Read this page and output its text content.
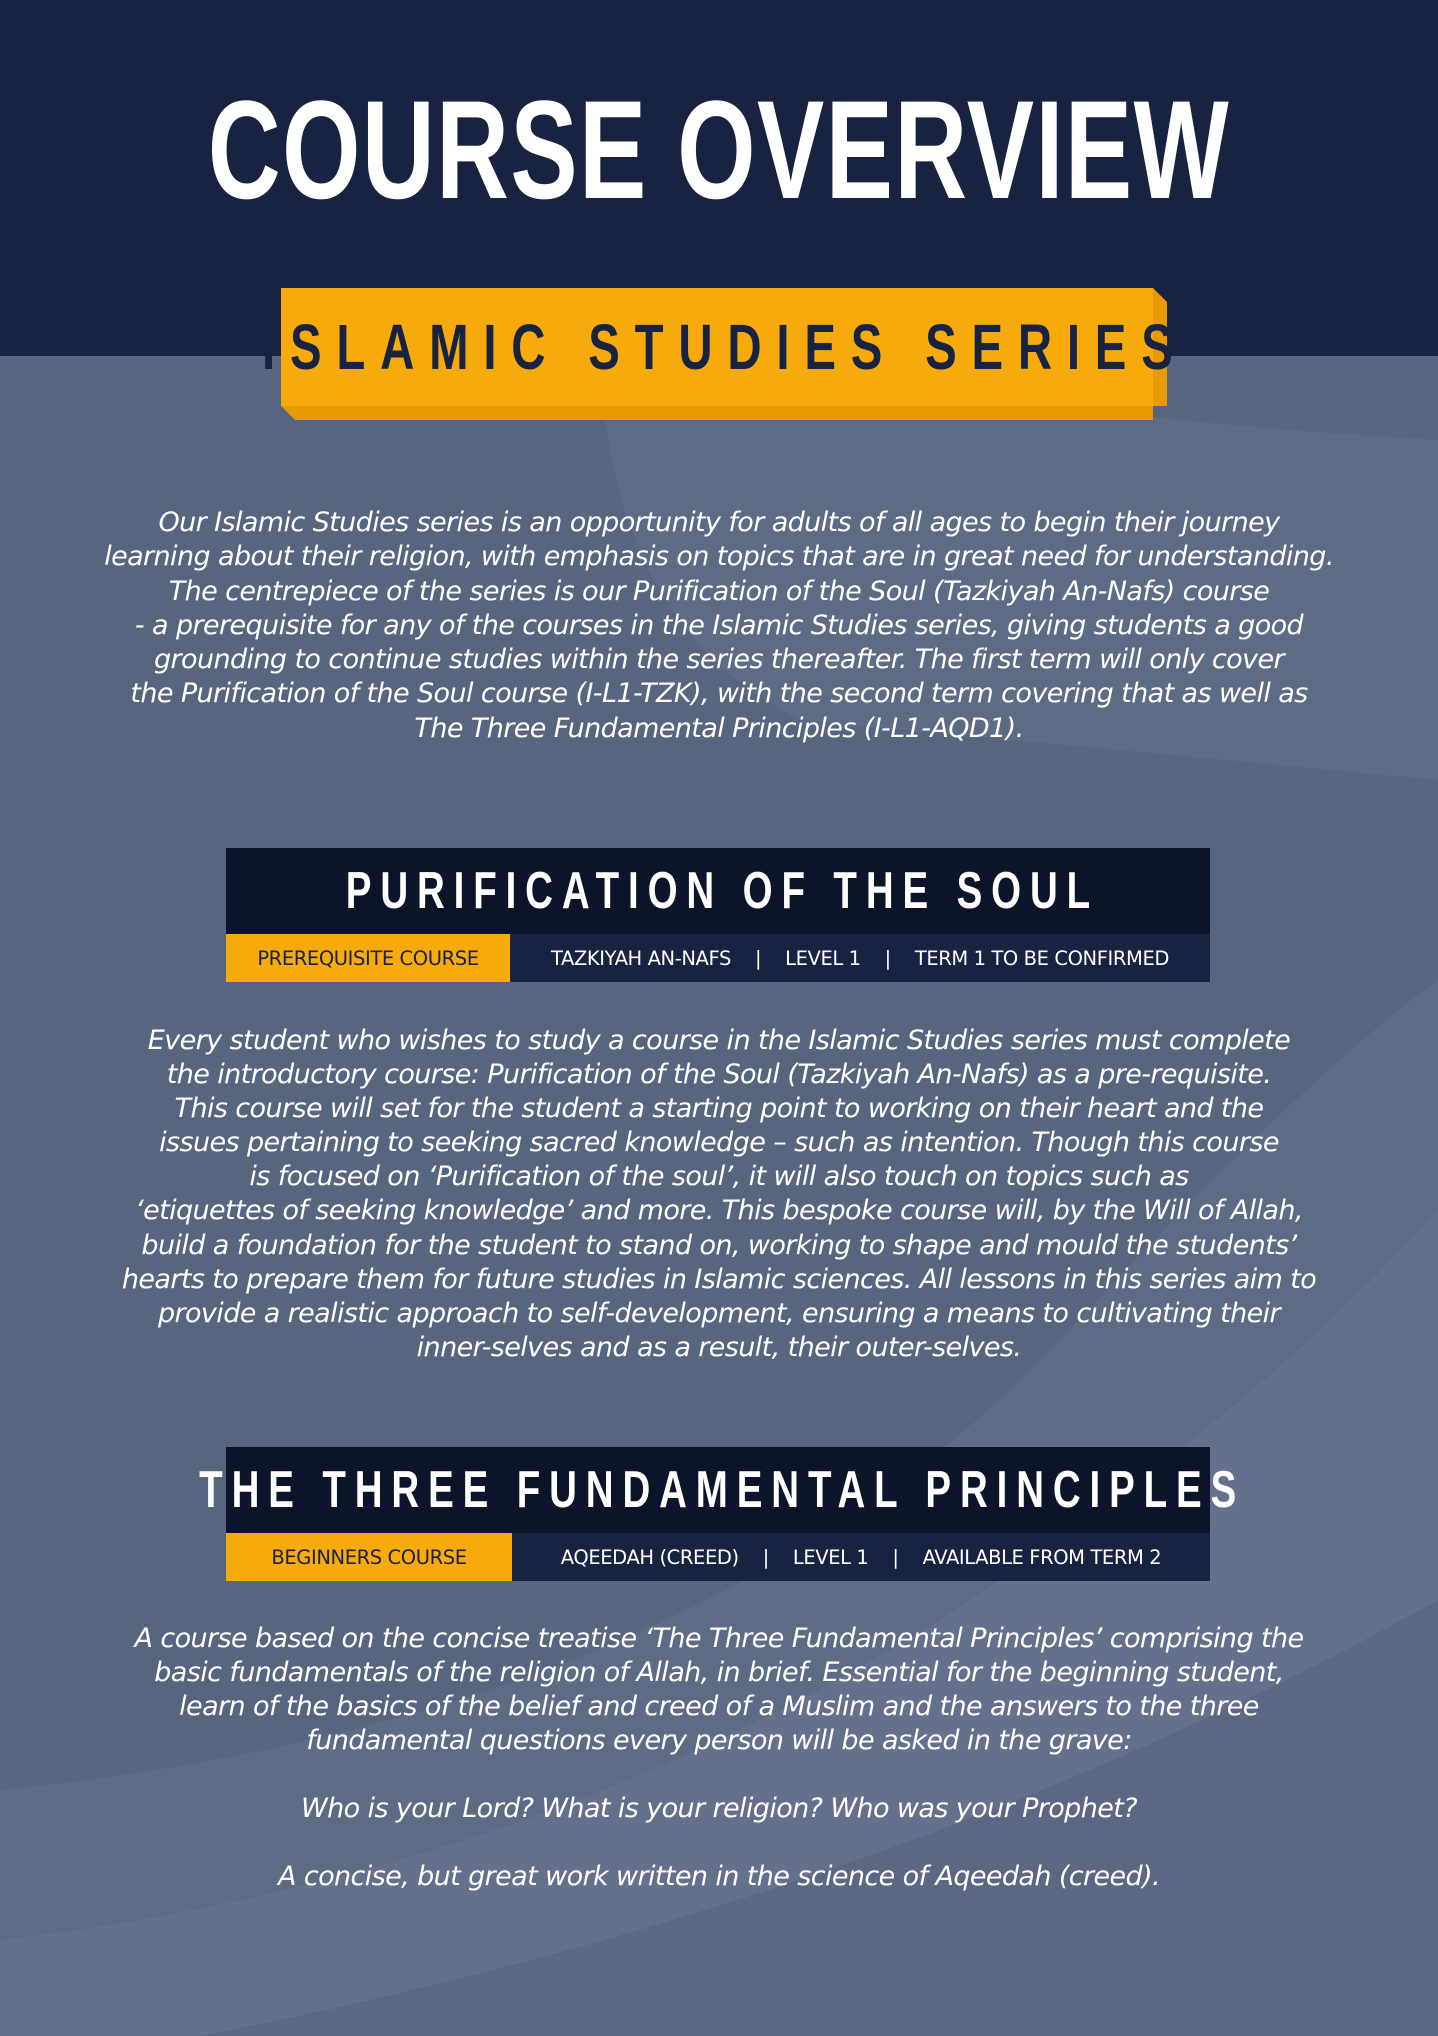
COURSE OVERVIEW
ISLAMIC STUDIES SERIES
Our Islamic Studies series is an opportunity for adults of all ages to begin their journey
learning about their religion, with emphasis on topics that are in great need for understanding.
The centrepiece of the series is our Purification of the Soul (Tazkiyah An-Nafs) course
- a prerequisite for any of the courses in the Islamic Studies series, giving students a good
grounding to continue studies within the series thereafter. The first term will only cover
the Purification of the Soul course (I-L1-TZK), with the second term covering that as well as
The Three Fundamental Principles (I-L1-AQD1).
PURIFICATION OF THE SOUL
PREREQUISITE COURSE	TAZKIYAH AN-NAFS | LEVEL 1 | TERM 1 TO BE CONFIRMED
Every student who wishes to study a course in the Islamic Studies series must complete
the introductory course: Purification of the Soul (Tazkiyah An-Nafs) as a pre-requisite.
This course will set for the student a starting point to working on their heart and the
issues pertaining to seeking sacred knowledge – such as intention. Though this course
is focused on ‘Purification of the soul’, it will also touch on topics such as
‘etiquettes of seeking knowledge’ and more. This bespoke course will, by the Will of Allah,
build a foundation for the student to stand on, working to shape and mould the students’
hearts to prepare them for future studies in Islamic sciences. All lessons in this series aim to
provide a realistic approach to self-development, ensuring a means to cultivating their
inner-selves and as a result, their outer-selves.
THE THREE FUNDAMENTAL PRINCIPLES
BEGINNERS COURSE	AQEEDAH (CREED) | LEVEL 1 | AVAILABLE FROM TERM 2
A course based on the concise treatise ‘The Three Fundamental Principles’ comprising the
basic fundamentals of the religion of Allah, in brief. Essential for the beginning student,
learn of the basics of the belief and creed of a Muslim and the answers to the three
fundamental questions every person will be asked in the grave:
Who is your Lord? What is your religion? Who was your Prophet?
A concise, but great work written in the science of Aqeedah (creed).
